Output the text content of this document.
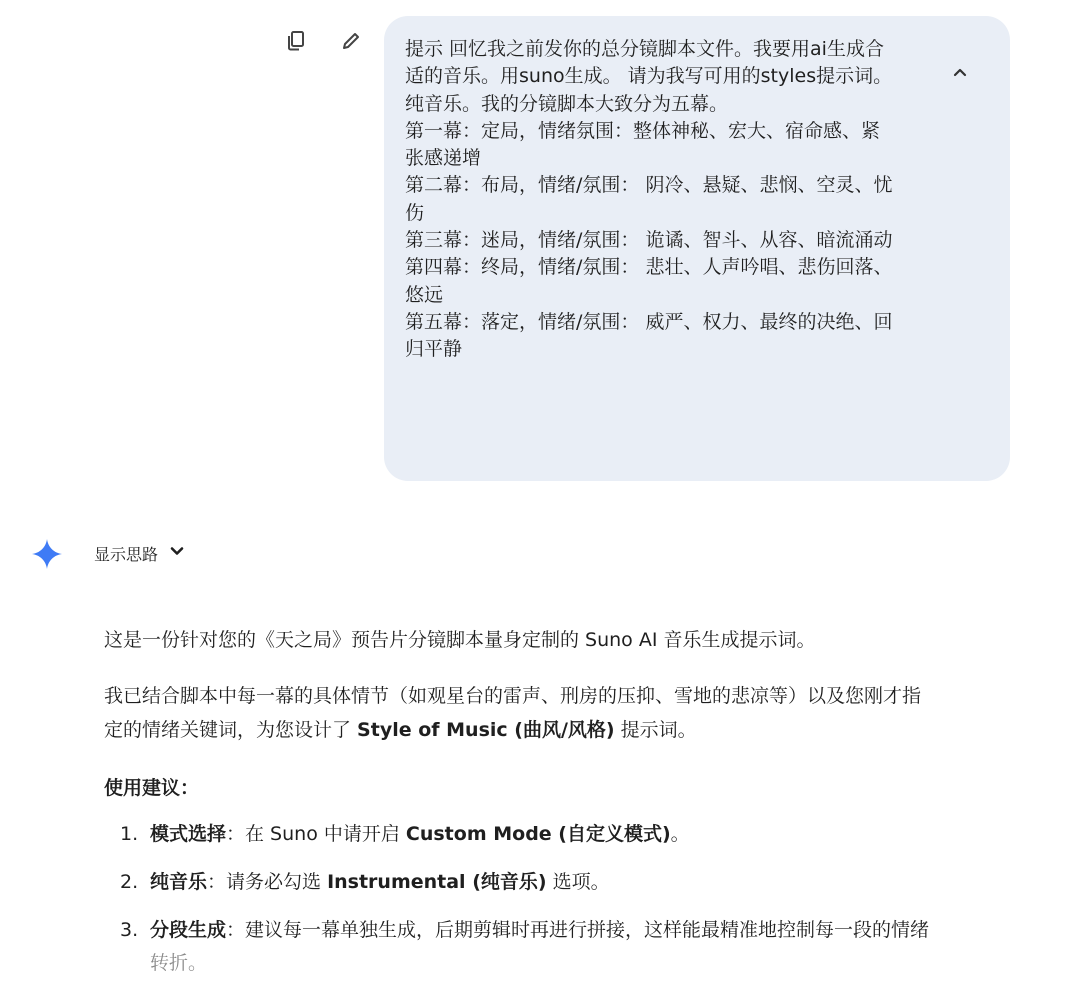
提示 回忆我之前发你的总分镜脚本文件。我要用ai生成合
适的音乐。用suno生成。 请为我写可用的styles提示词。
纯音乐。我的分镜脚本大致分为五幕。
第一幕：定局，情绪氛围：整体神秘、宏大、宿命感、紧
张感递增
第二幕：布局，情绪/氛围： 阴冷、悬疑、悲悯、空灵、忧
伤
第三幕：迷局，情绪/氛围： 诡谲、智斗、从容、暗流涌动
第四幕：终局，情绪/氛围： 悲壮、人声吟唱、悲伤回落、
悠远
第五幕：落定，情绪/氛围： 威严、权力、最终的决绝、回
归平静
显示思路

这是一份针对您的《天之局》预告片分镜脚本量身定制的 Suno AI 音乐生成提示词。

我已结合脚本中每一幕的具体情节（如观星台的雷声、刑房的压抑、雪地的悲凉等）以及您刚才指

定的情绪关键词，为您设计了 Style of Music (曲风/风格) 提示词。

使用建议：

1. 模式选择：在 Suno 中请开启 Custom Mode (自定义模式)。
2. 纯音乐：请务必勾选 Instrumental (纯音乐) 选项。
3. 分段生成：建议每一幕单独生成，后期剪辑时再进行拼接，这样能最精准地控制每一段的情绪
转折。
